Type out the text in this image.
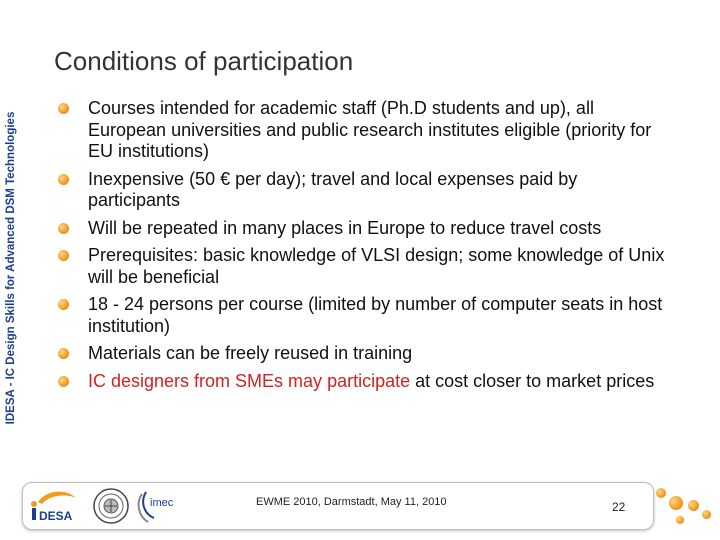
IDESA - IC Design Skills for Advanced DSM Technologies
Conditions of participation
Courses intended for academic staff (Ph.D students and up), all European universities and public research institutes eligible (priority for EU institutions)
Inexpensive (50 € per day); travel and local expenses paid by participants
Will be repeated in many places in Europe to reduce travel costs
Prerequisites: basic knowledge of VLSI design; some knowledge of Unix will be beneficial
18 - 24 persons per course (limited by number of computer seats in host institution)
Materials can be freely reused in training
IC designers from SMEs may participate at cost closer to market prices
DESA
imec	EWME 2010, Darmstadt, May 11, 2010	22
